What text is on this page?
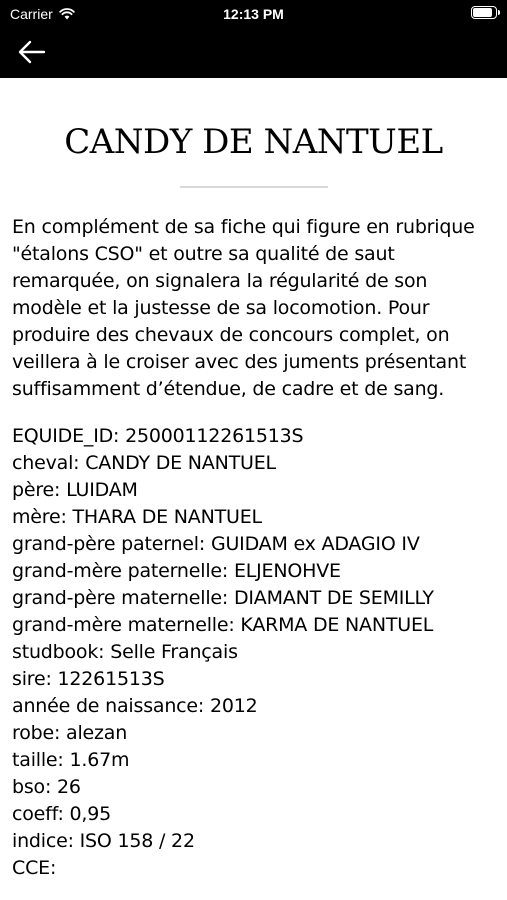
Carrier	12:13 PM
CANDY DE NANTUEL
En complément de sa fiche qui figure en rubrique "étalons CSO" et outre sa qualité de saut remarquée, on signalera la régularité de son modèle et la justesse de sa locomotion. Pour produire des chevaux de concours complet, on veillera à le croiser avec des juments présentant suffisamment d’étendue, de cadre et de sang.
EQUIDE_ID: 25000112261513S
cheval: CANDY DE NANTUEL
père: LUIDAM
mère: THARA DE NANTUEL
grand-père paternel: GUIDAM ex ADAGIO IV
grand-mère paternelle: ELJENOHVE
grand-père maternelle: DIAMANT DE SEMILLY
grand-mère maternelle: KARMA DE NANTUEL
studbook: Selle Français
sire: 12261513S
année de naissance: 2012
robe: alezan
taille: 1.67m
bso: 26
coeff: 0,95
indice: ISO 158 / 22
CCE:
